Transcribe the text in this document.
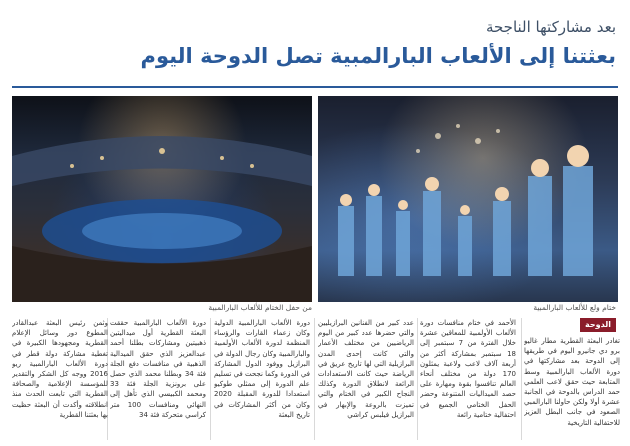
بعد مشاركتها الناجحة
بعثتنا إلى الألعاب البارالمبية تصل الدوحة اليوم
ختام ولع للألعاب البارالمبية
من حفل الختام للألعاب البارالمبية
الدوحة
تغادر البعثة القطرية مطار غاليو برو دي جانيرو اليوم في طريقها إلى الدوحة بعد مشاركتها في دورة الألعاب البارالمبية وسط المتابعة حيث حقق لاعب العلمي حمد الدراس بالدوحة في الجانبة عشرة أولا ولكن حاولنا البارالمبي الصعود في جانب البطل العزيز للاحتفالية التاريخية
الأحمد في ختام منافسات دورة الألعاب الأولمبية للمعاقين عشرة خلال الفترة من 7 سبتمبر إلى 18 سبتمبر بمشاركة أكثر من أربعة آلاف لاعب ولاعبة يمثلون 170 دولة من مختلف أنحاء العالم تنافسوا بقوة ومهارة على حصد الميداليات المتنوعة وحضر الحفل الختامي الجميع في احتفالية ختامية رائعة
عدد كبير من الفنانين البرازيليين والتي حضرها عدد كبير من اليوم الرياضيين من مختلف الأعمار والتي كانت إحدى المدن البرازيلية التي لها تاريخ عريق في الرياضة حيث كانت الاستعدادات الرائعة لانطلاق الدورة وكذلك النجاح الكبير في الختام والتي تميزت بالروعة والإبهار في البرازيل فيلبس كراشي
دورة الألعاب البارالمبية الدولية وكان زعماء القارات والرؤساء المنظمة لدورة الألعاب الأولمبية والبارالمبية وكان رجال الدولة في البرازيل ووفود الدول المشاركة في الدورة وكما نجحت في تسليم علم الدورة إلى ممثلي طوكيو استعدادا للدورة المقبلة 2020 وكان من أكثر المشاركات في تاريخ البعثة
دورة الألعاب البارالمبية حققت البعثة القطرية أول ميداليتين ذهبيتين ومشاركات بطلنا أحمد عبدالعزيز الذي حقق الميدالية الذهبية في منافسات دفع الجلة فئة 34 وبطلنا محمد الذي حصل على برونزية الجلة فئة 33 ومحمد الكبيسي الذي تأهل إلى النهائي ومنافسات 100 متر كراسي متحركة فئة 34
وثمن رئيس البعثة عبدالقادر المطوع دور وسائل الإعلام القطرية ومجهودها الكبيرة في تغطية مشاركة دولة قطر في دورة الألعاب البارالمبية ريو 2016 ووجه كل الشكر والتقدير للمؤسسة الإعلامية والصحافة القطرية التي تابعت الحدث منذ انطلاقته وأكدت أن البعثة حظيت بها بعثتنا القطرية
